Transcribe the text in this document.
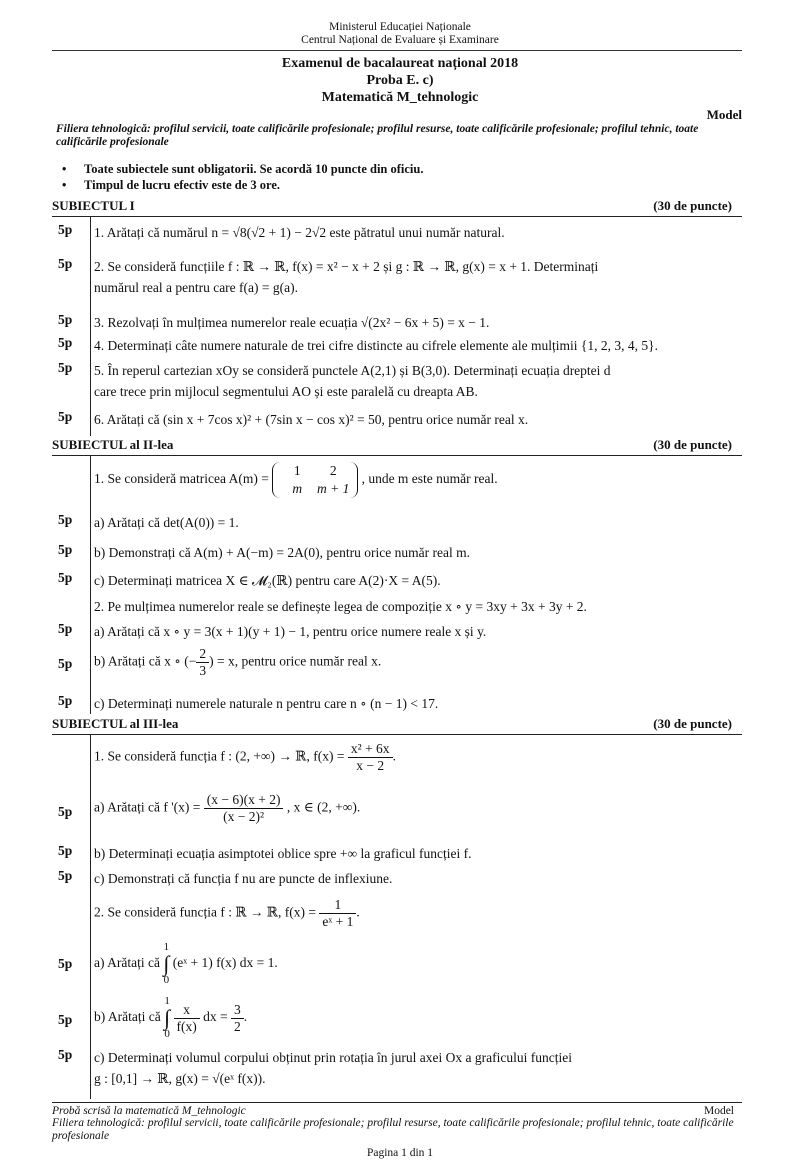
Ministerul Educației Naționale
Centrul Național de Evaluare și Examinare
Examenul de bacalaureat național 2018
Proba E. c)
Matematică M_tehnologic
Model
Filiera tehnologică: profilul servicii, toate calificările profesionale; profilul resurse, toate calificările profesionale; profilul tehnic, toate calificările profesionale
• Toate subiectele sunt obligatorii. Se acordă 10 puncte din oficiu.
• Timpul de lucru efectiv este de 3 ore.
SUBIECTUL I	(30 de puncte)
5p	1. Arătați că numărul n = √8(√2 + 1) − 2√2 este pătratul unui număr natural.
5p	2. Se consideră funcțiile f : ℝ → ℝ, f(x) = x² − x + 2 și g : ℝ → ℝ, g(x) = x + 1. Determinați
numărul real a pentru care f(a) = g(a).
5p	3. Rezolvați în mulțimea numerelor reale ecuația √(2x² − 6x + 5) = x − 1.
5p	4. Determinați câte numere naturale de trei cifre distincte au cifrele elemente ale mulțimii {1, 2, 3, 4, 5}.
5p	5. În reperul cartezian xOy se consideră punctele A(2,1) și B(3,0). Determinați ecuația dreptei d
care trece prin mijlocul segmentului AO și este paralelă cu dreapta AB.
5p	6. Arătați că (sin x + 7cos x)² + (7sin x − cos x)² = 50, pentru orice număr real x.
SUBIECTUL al II-lea	(30 de puncte)
1. Se consideră matricea A(m) = 1 2
m m + 1 , unde m este număr real.
5p	a) Arătați că det(A(0)) = 1.
5p	b) Demonstrați că A(m) + A(−m) = 2A(0), pentru orice număr real m.
5p	c) Determinați matricea X ∈ 𝓜₂(ℝ) pentru care A(2)·X = A(5).
2. Pe mulțimea numerelor reale se definește legea de compoziție x ∘ y = 3xy + 3x + 3y + 2.
5p	a) Arătați că x ∘ y = 3(x + 1)(y + 1) − 1, pentru orice numere reale x și y.
5p	b) Arătați că x ∘ (− $\frac{2}{3}$ ) = x, pentru orice număr real x.
5p	c) Determinați numerele naturale n pentru care n ∘ (n − 1) < 17.
SUBIECTUL al III-lea	(30 de puncte)
1. Se consideră funcția f : (2, +∞) → ℝ, $f(x) = \frac{\text{x² + 6x}}{x - 2}$ .
5p	a) Arătați că f '$(x) = \frac{(x - 6)(x + 2)}{\text{(x − 2)²}}$ , x ∈ (2, +∞).
5p	b) Determinați ecuația asimptotei oblice spre +∞ la graficul funcției f.
5p	c) Demonstrați că funcția f nu are puncte de inflexiune.
2. Se consideră funcția f : ℝ → ℝ, $f(x) = \frac{1}{\text{eˣ + 1}}$ .
5p	a) Arătați că 1
∫
0 (eˣ + 1) f(x) dx = 1.
5p	b) Arătați că 1
∫
$0 \frac{x}{f(x)}$ dx = $\frac{3}{2}$ .
5p	c) Determinați volumul corpului obținut prin rotația în jurul axei Ox a graficului funcției
g : [0,1] → ℝ, g(x) = √(eˣ f(x)).
Probă scrisă la matematică M_tehnologic	Model
Filiera tehnologică: profilul servicii, toate calificările profesionale; profilul resurse, toate calificările profesionale; profilul tehnic, toate calificările profesionale
Pagina 1 din 1
